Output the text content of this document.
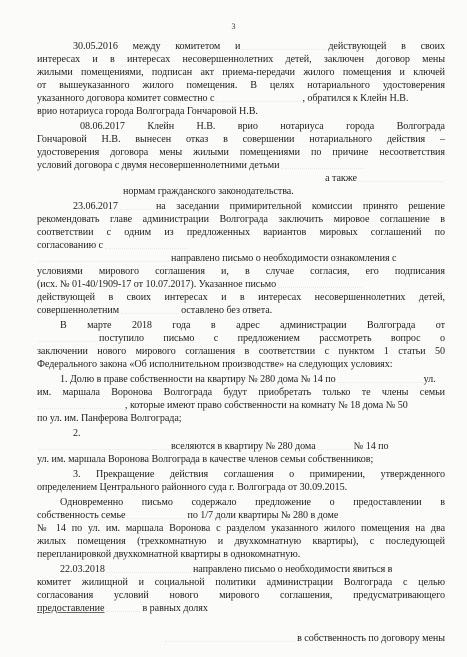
3
30.05.2016 между комитетом и	действующей в своих
интересах и в интересах несовершеннолетних детей, заключен договор мены
жилыми помещениями, подписан акт приема-передачи жилого помещения и ключей
от вышеуказанного жилого помещения. В целях нотариального удостоверения
указанного договора комитет совместно с	, обратился к Клейн Н.В.
врио нотариуса города Волгограда Гончаровой Н.В.
08.06.2017 Клейн Н.В. врио нотариуса города Волгограда
Гончаровой Н.В. вынесен отказ в совершении нотариального действия –
удостоверения договора мены жилыми помещениями по причине несоответствия
условий договора с двумя несовершеннолетними детьми
а также
нормам гражданского законодательства.
23.06.2017	на заседании примирительной комиссии принято решение
рекомендовать главе администрации Волгограда заключить мировое соглашение в
соответствии с одним из предложенных вариантов мировых соглашений по
согласованию с
направлено письмо о необходимости ознакомления с
условиями мирового соглашения и, в случае согласия, его подписания
(исх. № 01-40/1909-17 от 10.07.2017). Указанное письмо
действующей в своих интересах и в интересах несовершеннолетних детей,
совершеннолетним	оставлено без ответа.
В марте 2018 года в адрес администрации Волгограда от
поступило письмо с предложением рассмотреть вопрос о
заключении нового мирового соглашения в соответствии с пунктом 1 статьи 50
Федерального закона «Об исполнительном производстве» на следующих условиях:
1. Долю в праве собственности на квартиру № 280 дома № 14 по	ул.
им. маршала Воронова Волгограда будут приобретать только те члены семьи
, которые имеют право собственности на комнату № 18 дома № 50
по ул. им. Панферова Волгограда;
2.
вселяются в квартиру № 280 дома	№ 14 по
ул. им. маршала Воронова Волгограда в качестве членов семьи собственников;
3. Прекращение действия соглашения о примирении, утвержденного
определением Центрального районного суда г. Волгограда от 30.09.2015.
Одновременно письмо содержало предложение о предоставлении в
собственность семье	по 1/7 доли квартиры № 280 в доме
№ 14 по ул. им. маршала Воронова с разделом указанного жилого помещения на два
жилых помещения (трехкомнатную и двухкомнатную квартиры), с последующей
перепланировкой двухкомнатной квартиры в однокомнатную.
22.03.2018	направлено письмо о необходимости явиться в
комитет жилищной и социальной политики администрации Волгограда с целью
согласования условий нового мирового соглашения, предусматривающего
предоставление	в равных долях
в собственность по договору мены
